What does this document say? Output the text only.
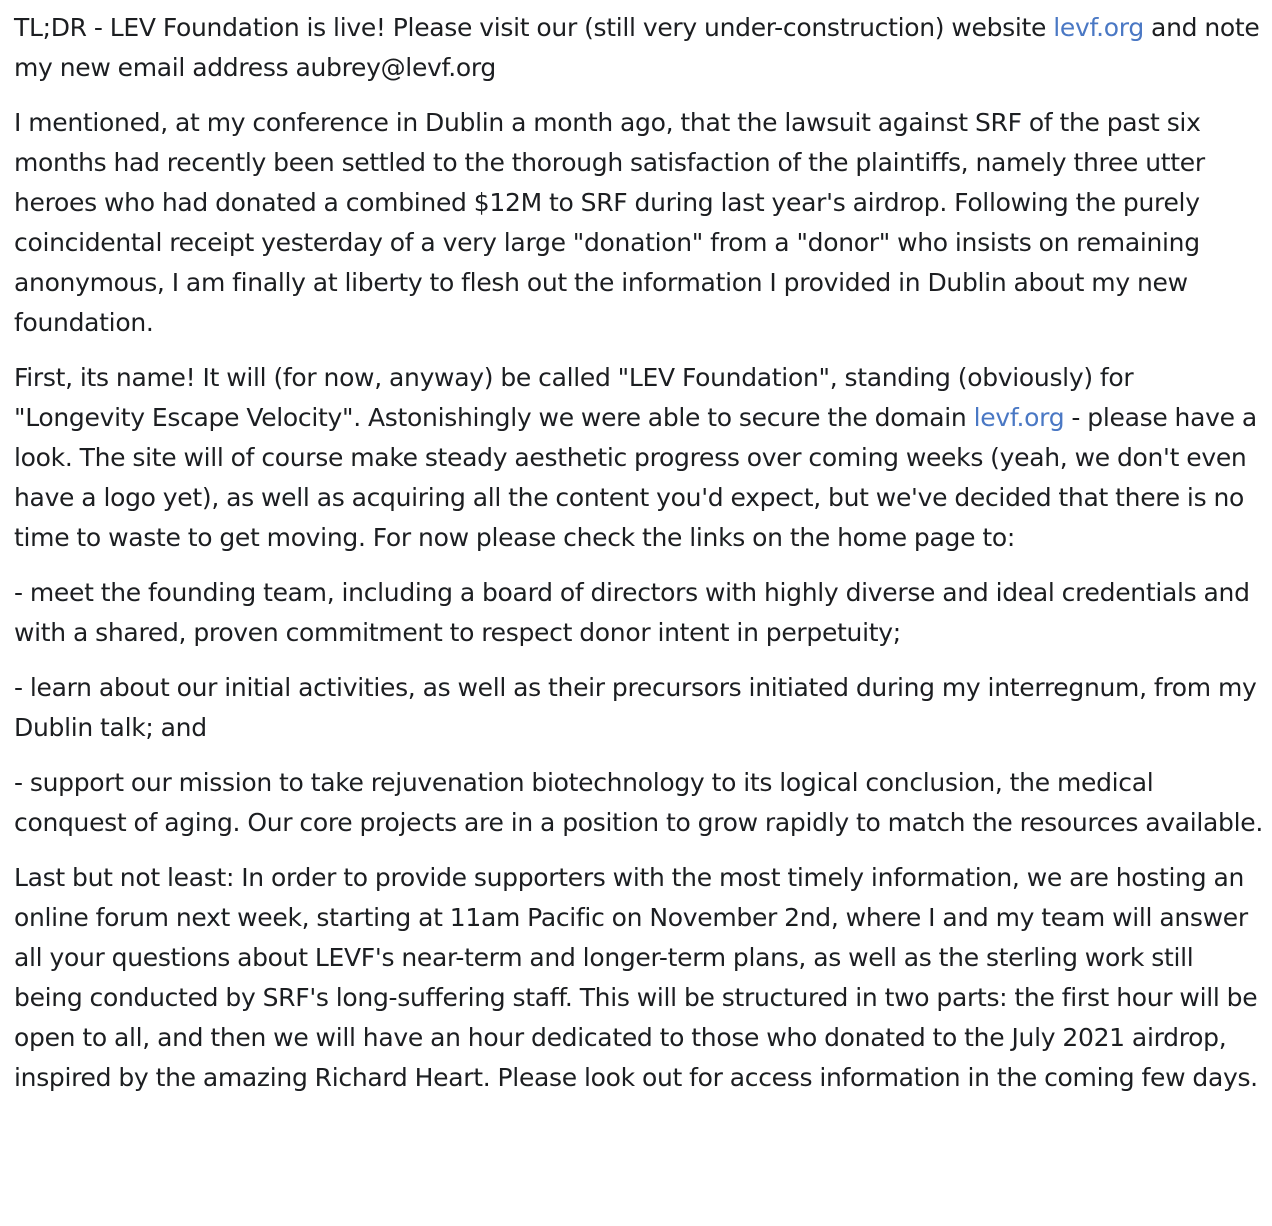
TL;DR - LEV Foundation is live! Please visit our (still very under-construction) website levf.org and note my new email address aubrey@levf.org

I mentioned, at my conference in Dublin a month ago, that the lawsuit against SRF of the past six months had recently been settled to the thorough satisfaction of the plaintiffs, namely three utter heroes who had donated a combined $12M to SRF during last year's airdrop. Following the purely coincidental receipt yesterday of a very large "donation" from a "donor" who insists on remaining anonymous, I am finally at liberty to flesh out the information I provided in Dublin about my new foundation.

First, its name! It will (for now, anyway) be called "LEV Foundation", standing (obviously) for "Longevity Escape Velocity". Astonishingly we were able to secure the domain levf.org - please have a look. The site will of course make steady aesthetic progress over coming weeks (yeah, we don't even have a logo yet), as well as acquiring all the content you'd expect, but we've decided that there is no time to waste to get moving. For now please check the links on the home page to:

- meet the founding team, including a board of directors with highly diverse and ideal credentials and with a shared, proven commitment to respect donor intent in perpetuity;

- learn about our initial activities, as well as their precursors initiated during my interregnum, from my Dublin talk; and

- support our mission to take rejuvenation biotechnology to its logical conclusion, the medical conquest of aging. Our core projects are in a position to grow rapidly to match the resources available.

Last but not least: In order to provide supporters with the most timely information, we are hosting an online forum next week, starting at 11am Pacific on November 2nd, where I and my team will answer all your questions about LEVF's near-term and longer-term plans, as well as the sterling work still being conducted by SRF's long-suffering staff. This will be structured in two parts: the first hour will be open to all, and then we will have an hour dedicated to those who donated to the July 2021 airdrop, inspired by the amazing Richard Heart. Please look out for access information in the coming few days.
